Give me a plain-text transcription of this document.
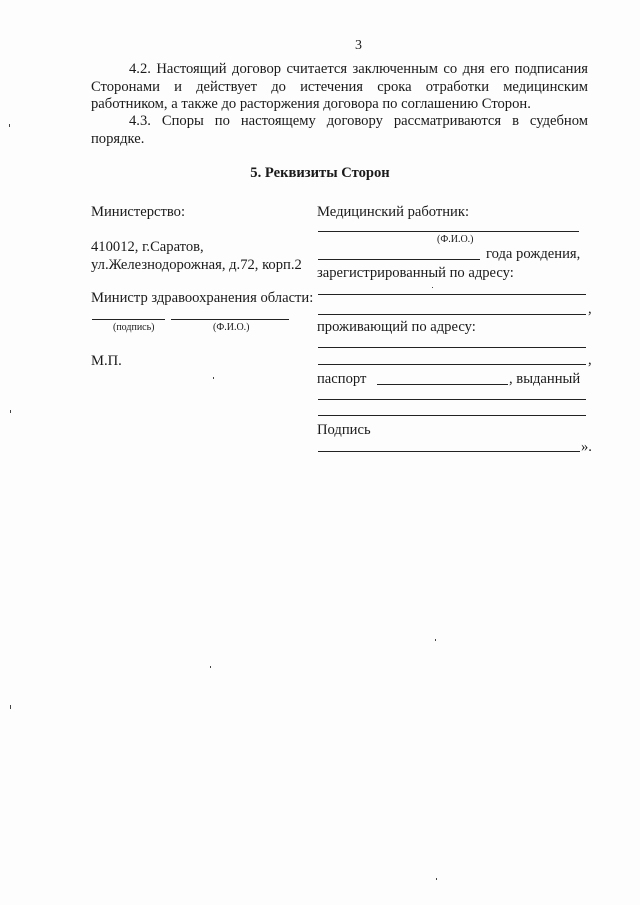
3
4.2. Настоящий договор считается заключенным со дня его подписания
Сторонами и действует до истечения срока отработки медицинским
работником, а также до расторжения договора по соглашению Сторон.
4.3. Споры по настоящему договору рассматриваются в судебном
порядке.
5. Реквизиты Сторон
Министерство:
410012, г.Саратов,
ул.Железнодорожная, д.72, корп.2
Министр здравоохранения области:
(подпись)	(Ф.И.О.)
М.П.
Медицинский работник:
(Ф.И.О.)
года рождения,
зарегистрированный по адресу:
,
проживающий по адресу:
,
паспорт	, выданный
Подпись
».
